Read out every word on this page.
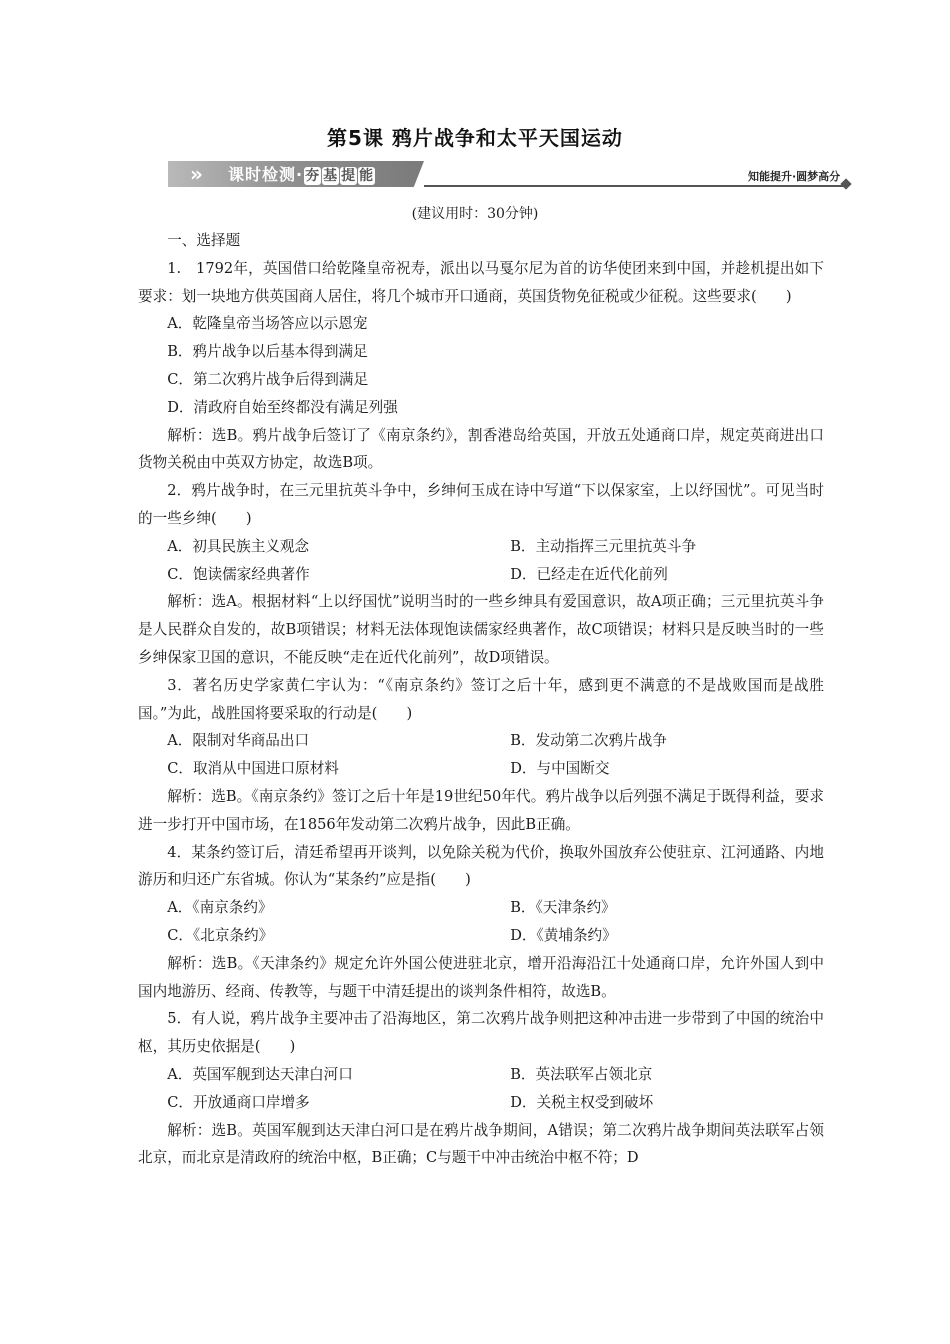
第5课 鸦片战争和太平天国运动
»	课时检测· 夯 基 提 能	知能提升·圆梦高分
(建议用时：30分钟)

一、选择题

1.　1792年，英国借口给乾隆皇帝祝寿，派出以马戛尔尼为首的访华使团来到中国，并趁机提出如下要求：划一块地方供英国商人居住，将几个城市开口通商，英国货物免征税或少征税。这些要求(　　)

A．乾隆皇帝当场答应以示恩宠

B．鸦片战争以后基本得到满足

C．第二次鸦片战争后得到满足

D．清政府自始至终都没有满足列强

解析：选B。鸦片战争后签订了《南京条约》，割香港岛给英国，开放五处通商口岸，规定英商进出口货物关税由中英双方协定，故选B项。

2．鸦片战争时，在三元里抗英斗争中，乡绅何玉成在诗中写道“下以保家室，上以纾国忧”。可见当时的一些乡绅(　　)

A．初具民族主义观念	B．主动指挥三元里抗英斗争
C．饱读儒家经典著作	D．已经走在近代化前列

解析：选A。根据材料“上以纾国忧”说明当时的一些乡绅具有爱国意识，故A项正确；三元里抗英斗争是人民群众自发的，故B项错误；材料无法体现饱读儒家经典著作，故C项错误；材料只是反映当时的一些乡绅保家卫国的意识，不能反映“走在近代化前列”，故D项错误。

3．著名历史学家黄仁宇认为：“《南京条约》签订之后十年，感到更不满意的不是战败国而是战胜国。”为此，战胜国将要采取的行动是(　　)

A．限制对华商品出口	B．发动第二次鸦片战争
C．取消从中国进口原材料	D．与中国断交

解析：选B。《南京条约》签订之后十年是19世纪50年代。鸦片战争以后列强不满足于既得利益，要求进一步打开中国市场，在1856年发动第二次鸦片战争，因此B正确。

4．某条约签订后，清廷希望再开谈判，以免除关税为代价，换取外国放弃公使驻京、江河通路、内地游历和归还广东省城。你认为“某条约”应是指(　　)

A．《南京条约》	B．《天津条约》
C．《北京条约》	D．《黄埔条约》

解析：选B。《天津条约》规定允许外国公使进驻北京，增开沿海沿江十处通商口岸，允许外国人到中国内地游历、经商、传教等，与题干中清廷提出的谈判条件相符，故选B。

5．有人说，鸦片战争主要冲击了沿海地区，第二次鸦片战争则把这种冲击进一步带到了中国的统治中枢，其历史依据是(　　)

A．英国军舰到达天津白河口	B．英法联军占领北京
C．开放通商口岸增多	D．关税主权受到破坏

解析：选B。英国军舰到达天津白河口是在鸦片战争期间，A错误；第二次鸦片战争期间英法联军占领北京，而北京是清政府的统治中枢，B正确；C与题干中冲击统治中枢不符；D
